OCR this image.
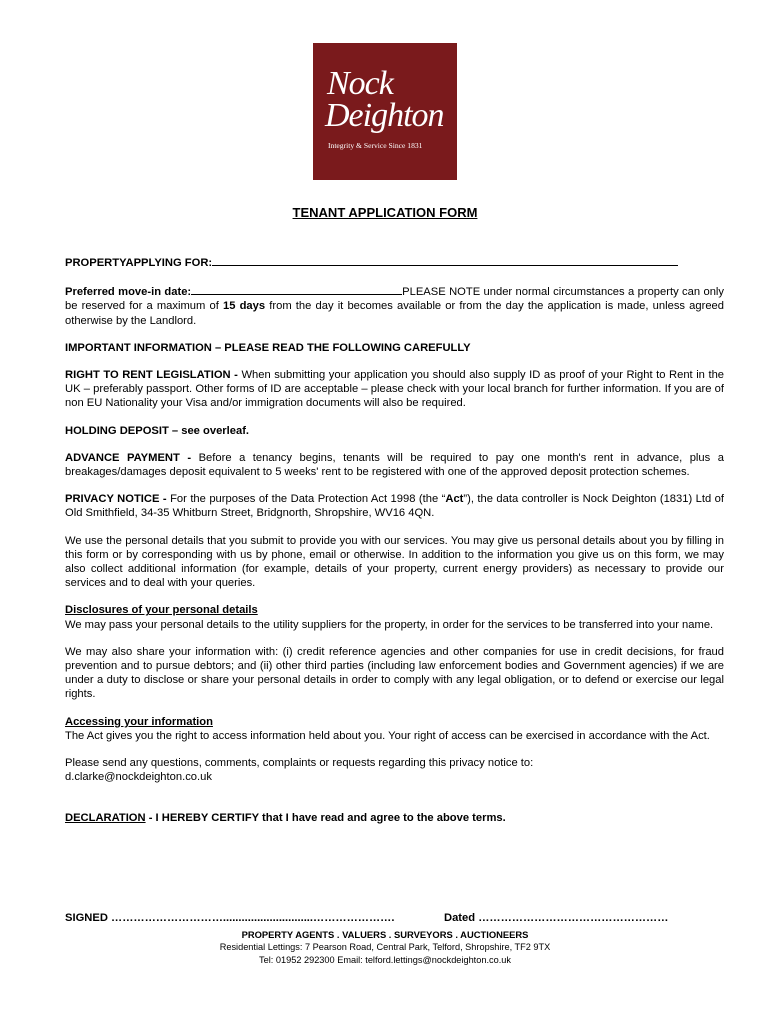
Nock
Deighton
Integrity & Service Since 1831
TENANT APPLICATION FORM

PROPERTYAPPLYING FOR:

Preferred move-in date:	PLEASE NOTE under normal circumstances a property can only be reserved for a maximum of 15 days from the day it becomes available or from the day the application is made, unless agreed otherwise by the Landlord.

IMPORTANT INFORMATION – PLEASE READ THE FOLLOWING CAREFULLY

RIGHT TO RENT LEGISLATION - When submitting your application you should also supply ID as proof of your Right to Rent in the UK – preferably passport. Other forms of ID are acceptable – please check with your local branch for further information. If you are of non EU Nationality your Visa and/or immigration documents will also be required.

HOLDING DEPOSIT – see overleaf.

ADVANCE PAYMENT - Before a tenancy begins, tenants will be required to pay one month's rent in advance, plus a breakages/damages deposit equivalent to 5 weeks' rent to be registered with one of the approved deposit protection schemes.

PRIVACY NOTICE - For the purposes of the Data Protection Act 1998 (the “Act”), the data controller is Nock Deighton (1831) Ltd of Old Smithfield, 34-35 Whitburn Street, Bridgnorth, Shropshire, WV16 4QN.

We use the personal details that you submit to provide you with our services. You may give us personal details about you by filling in this form or by corresponding with us by phone, email or otherwise. In addition to the information you give us on this form, we may also collect additional information (for example, details of your property, current energy providers) as necessary to provide our services and to deal with your queries.

Disclosures of your personal details
We may pass your personal details to the utility suppliers for the property, in order for the services to be transferred into your name.

We may also share your information with: (i) credit reference agencies and other companies for use in credit decisions, for fraud prevention and to pursue debtors; and (ii) other third parties (including law enforcement bodies and Government agencies) if we are under a duty to disclose or share your personal details in order to comply with any legal obligation, or to defend or exercise our legal rights.

Accessing your information
The Act gives you the right to access information held about you. Your right of access can be exercised in accordance with the Act.

Please send any questions, comments, complaints or requests regarding this privacy notice to:
d.clarke@nockdeighton.co.uk

DECLARATION - I HEREBY CERTIFY that I have read and agree to the above terms.

SIGNED ………………………….............................………………….	Dated ……………………………………………
PROPERTY AGENTS . VALUERS . SURVEYORS . AUCTIONEERS
Residential Lettings: 7 Pearson Road, Central Park, Telford, Shropshire, TF2 9TX
Tel: 01952 292300 Email: telford.lettings@nockdeighton.co.uk
